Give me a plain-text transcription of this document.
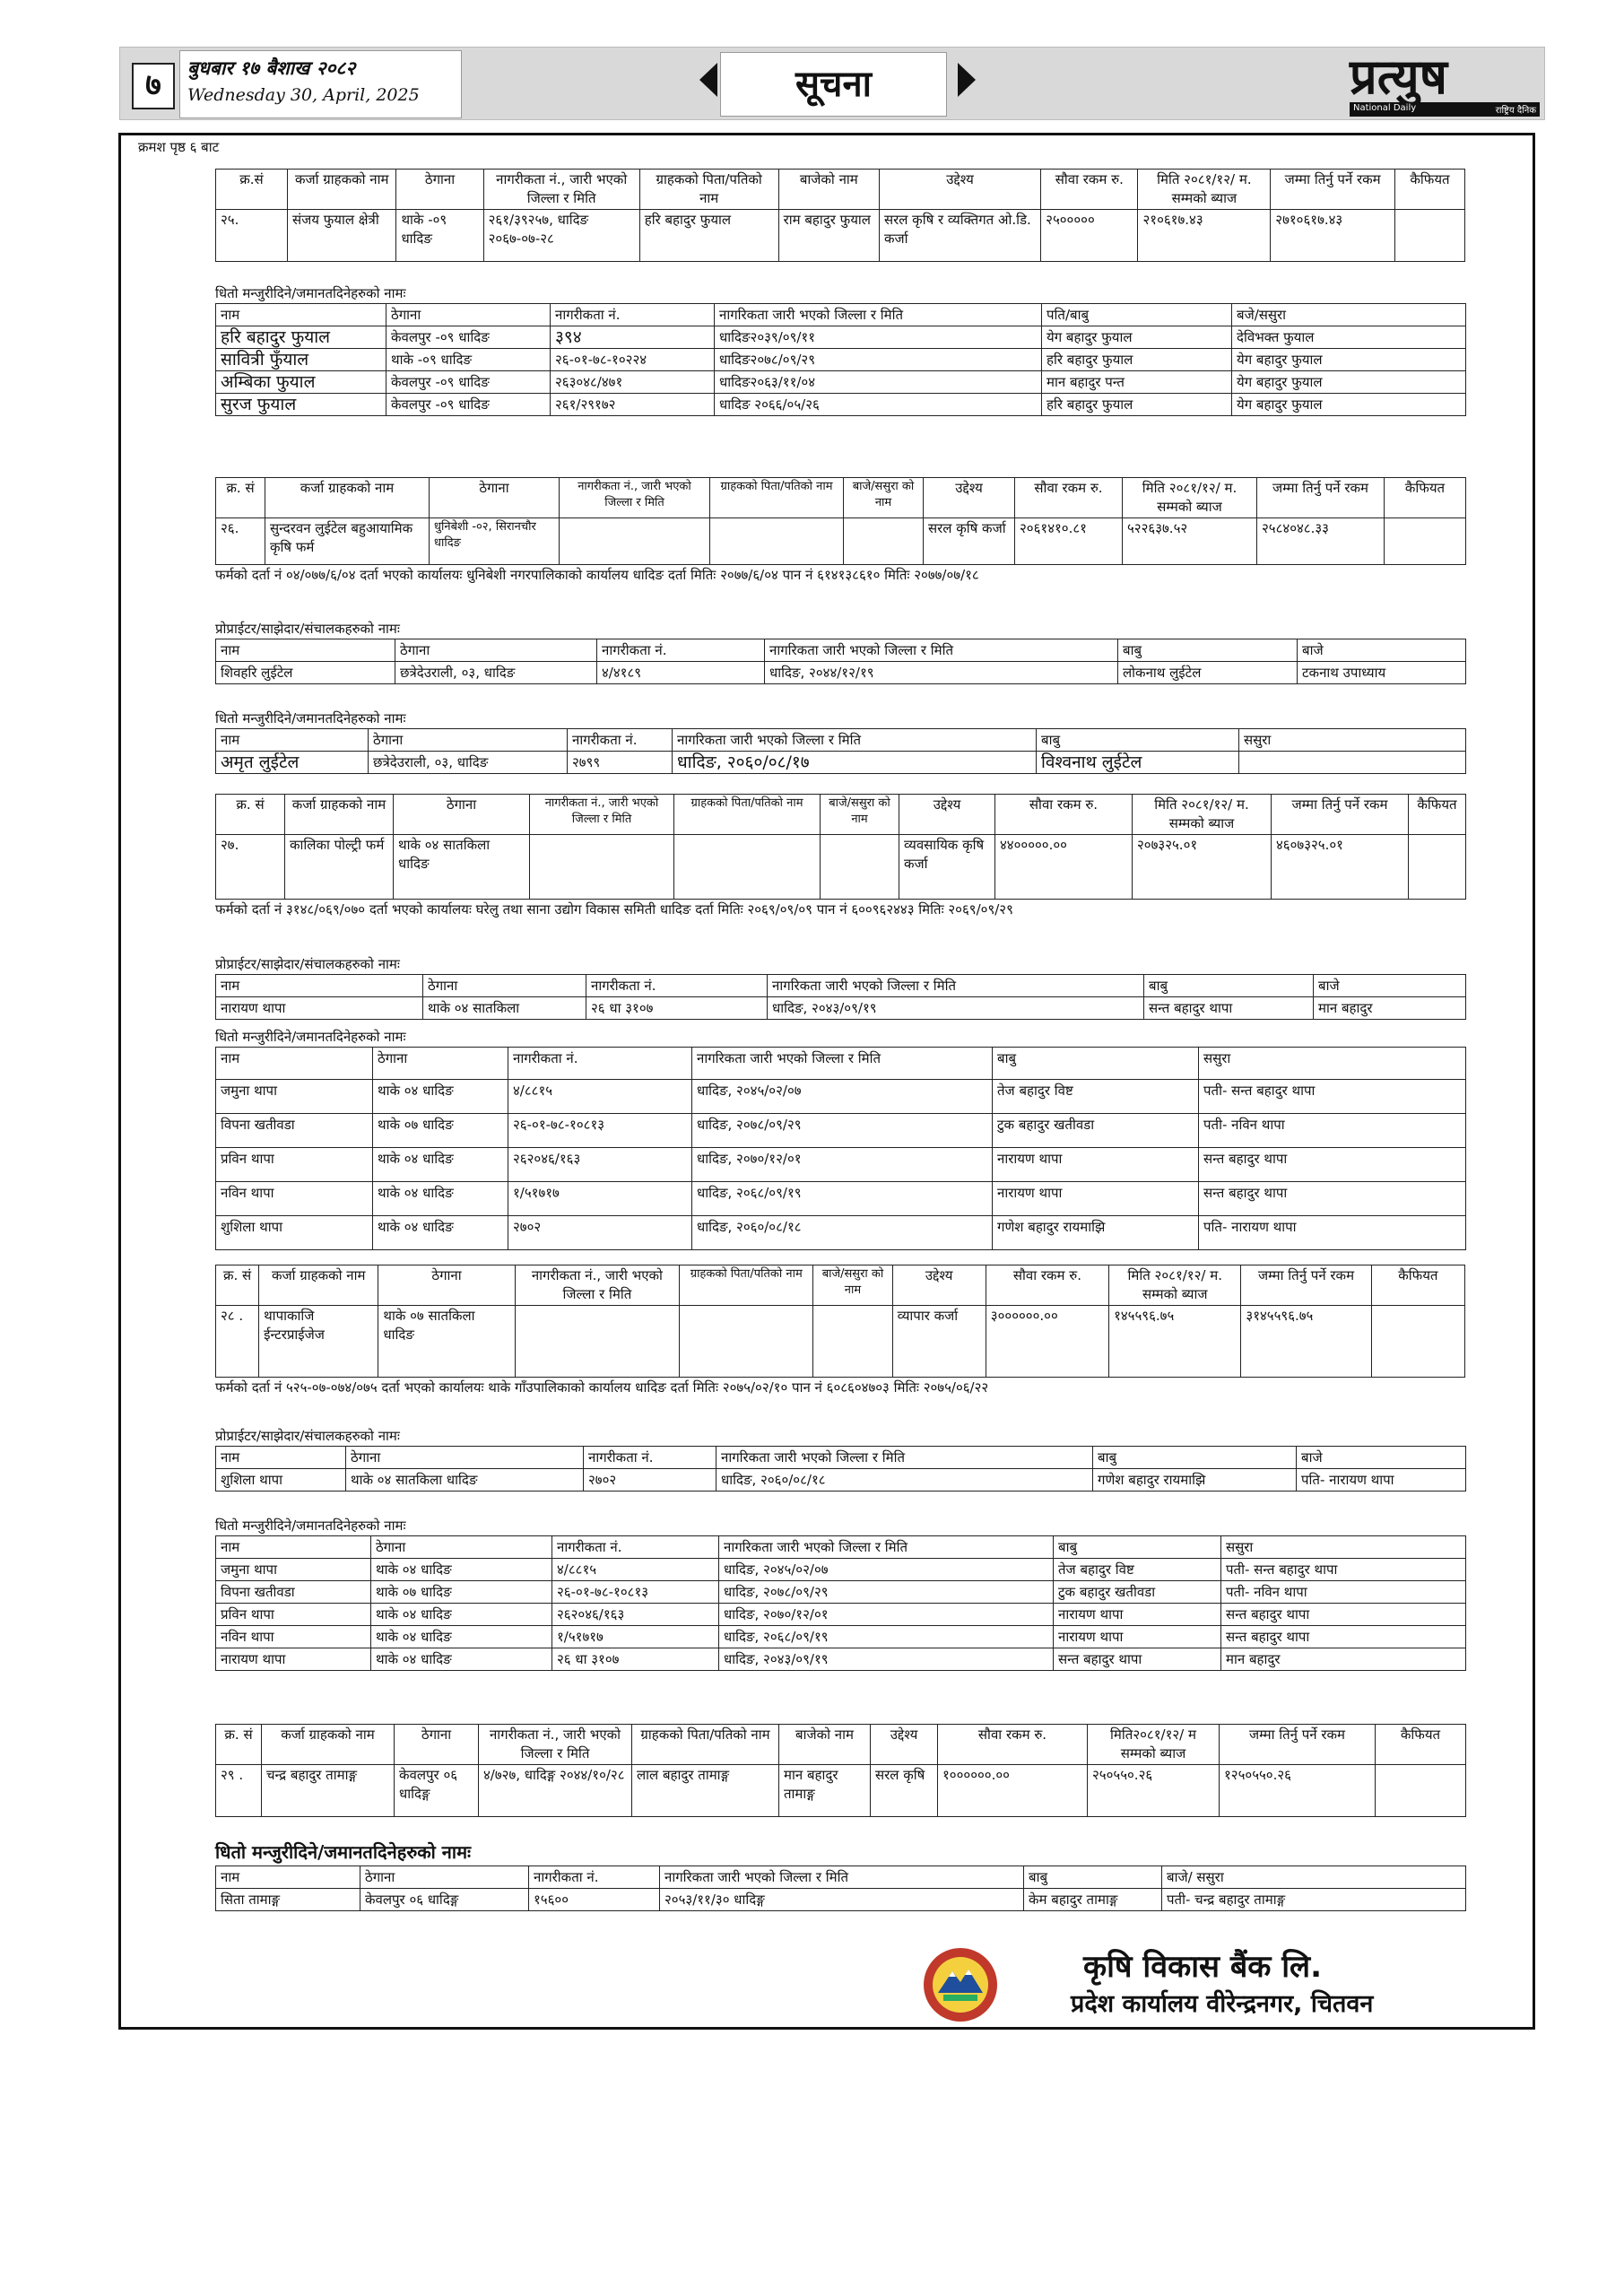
७	बुधबार १७ बैशाख २०८२
Wednesday 30, April, 2025	सूचना	प्रत्युष
National Daily	राष्ट्रिय दैनिक
क्रमश पृष्ठ ६ बाट
क्र.सं	कर्जा ग्राहकको नाम	ठेगाना	नागरीकता नं., जारी भएको जिल्ला र मिति	ग्राहकको पिता/पतिको नाम	बाजेको नाम	उद्देश्य	सौवा रकम रु.	मिति २०८१/१२/ म. सम्मको ब्याज	जम्मा तिर्नु पर्ने रकम	कैफियत
२५.	संजय फुयाल क्षेत्री	थाके -०९ धादिङ	२६१/३९२५७, धादिङ २०६७-०७-२८	हरि बहादुर फुयाल	राम बहादुर फुयाल	सरल कृषि र व्यक्तिगत ओ.डि. कर्जा	२५०००००	२१०६१७.४३	२७१०६१७.४३	
धितो मन्जुरीदिने/जमानतदिनेहरुको नामः
नाम	ठेगाना	नागरीकता नं.	नागरिकता जारी भएको जिल्ला र मिति	पति/बाबु	बजे/ससुरा
हरि बहादुर फुयाल	केवलपुर -०९ धादिङ	३९४	धादिङ२०३९/०९/११	येग बहादुर फुयाल	देविभक्त फुयाल
सावित्री फुँयाल	थाके -०९ धादिङ	२६-०१-७८-१०२२४	धादिङ२०७८/०९/२९	हरि बहादुर फुयाल	येग बहादुर फुयाल
अम्बिका फुयाल	केवलपुर -०९ धादिङ	२६३०४८/४७१	धादिङ२०६३/११/०४	मान बहादुर पन्त	येग बहादुर फुयाल
सुरज फुयाल	केवलपुर -०९ धादिङ	२६१/२९१७२	धादिङ २०६६/०५/२६	हरि बहादुर फुयाल	येग बहादुर फुयाल
क्र. सं	कर्जा ग्राहकको नाम	ठेगाना	नागरीकता नं., जारी भएको जिल्ला र मिति	ग्राहकको पिता/पतिको नाम	बाजे/ससुरा को नाम	उद्देश्य	सौवा रकम रु.	मिति २०८१/१२/ म. सम्मको ब्याज	जम्मा तिर्नु पर्ने रकम	कैफियत
२६.	सुन्दरवन लुईटेल बहुआयामिक कृषि फर्म	धुनिबेशी -०२, सिरानचौर धादिङ				सरल कृषि कर्जा	२०६१४१०.८१	५२२६३७.५२	२५८४०४८.३३	
फर्मको दर्ता नं ०४/०७७/६/०४ दर्ता भएको कार्यालयः धुनिबेशी नगरपालिकाको कार्यालय धादिङ दर्ता मितिः २०७७/६/०४ पान नं ६१४१३८६१० मितिः २०७७/०७/१८
प्रोप्राईटर/साझेदार/संचालकहरुको नामः
नाम	ठेगाना	नागरीकता नं.	नागरिकता जारी भएको जिल्ला र मिति	बाबु	बाजे
शिवहरि लुईटेल	छत्रेदेउराली, ०३, धादिङ	४/४१८९	धादिङ, २०४४/१२/१९	लोकनाथ लुईटेल	टकनाथ उपाध्याय
धितो मन्जुरीदिने/जमानतदिनेहरुको नामः
नाम	ठेगाना	नागरीकता नं.	नागरिकता जारी भएको जिल्ला र मिति	बाबु	ससुरा
अमृत लुईटेल	छत्रेदेउराली, ०३, धादिङ	२७९९	धादिङ, २०६०/०८/१७	विश्वनाथ लुईटेल	
क्र. सं	कर्जा ग्राहकको नाम	ठेगाना	नागरीकता नं., जारी भएको जिल्ला र मिति	ग्राहकको पिता/पतिको नाम	बाजे/ससुरा को नाम	उद्देश्य	सौवा रकम रु.	मिति २०८१/१२/ म. सम्मको ब्याज	जम्मा तिर्नु पर्ने रकम	कैफियत
२७.	कालिका पोल्ट्री फर्म	थाके ०४ सातकिला धादिङ				व्यवसायिक कृषि कर्जा	४४०००००.००	२०७३२५.०१	४६०७३२५.०१	
फर्मको दर्ता नं ३१४८/०६९/०७० दर्ता भएको कार्यालयः घरेलु तथा साना उद्योग विकास समिती धादिङ दर्ता मितिः २०६९/०९/०९ पान नं ६००९६२४४३ मितिः २०६९/०९/२९
प्रोप्राईटर/साझेदार/संचालकहरुको नामः
नाम	ठेगाना	नागरीकता नं.	नागरिकता जारी भएको जिल्ला र मिति	बाबु	बाजे
नारायण थापा	थाके ०४ सातकिला	२६ धा ३१०७	धादिङ, २०४३/०९/१९	सन्त बहादुर थापा	मान बहादुर
धितो मन्जुरीदिने/जमानतदिनेहरुको नामः
नाम	ठेगाना	नागरीकता नं.	नागरिकता जारी भएको जिल्ला र मिति	बाबु	ससुरा
जमुना थापा	थाके ०४ धादिङ	४/८८१५	धादिङ, २०४५/०२/०७	तेज बहादुर विष्ट	पती- सन्त बहादुर थापा
विपना खतीवडा	थाके ०७ धादिङ	२६-०१-७८-१०८१३	धादिङ, २०७८/०९/२९	टुक बहादुर खतीवडा	पती- नविन थापा
प्रविन थापा	थाके ०४ धादिङ	२६२०४६/१६३	धादिङ, २०७०/१२/०१	नारायण थापा	सन्त बहादुर थापा
नविन थापा	थाके ०४ धादिङ	१/५१७१७	धादिङ, २०६८/०९/१९	नारायण थापा	सन्त बहादुर थापा
शुशिला थापा	थाके ०४ धादिङ	२७०२	धादिङ, २०६०/०८/१८	गणेश बहादुर रायमाझि	पति- नारायण थापा
क्र. सं	कर्जा ग्राहकको नाम	ठेगाना	नागरीकता नं., जारी भएको जिल्ला र मिति	ग्राहकको पिता/पतिको नाम	बाजे/ससुरा को नाम	उद्देश्य	सौवा रकम रु.	मिति २०८१/१२/ म. सम्मको ब्याज	जम्मा तिर्नु पर्ने रकम	कैफियत
२८ .	थापाकाजि ईन्टरप्राईजेज	थाके ०७ सातकिला धादिङ				व्यापार कर्जा	३००००००.००	१४५५९६.७५	३१४५५९६.७५	
फर्मको दर्ता नं ५२५-०७-०७४/०७५ दर्ता भएको कार्यालयः थाके गाँउपालिकाको कार्यालय धादिङ दर्ता मितिः २०७५/०२/१० पान नं ६०८६०४७०३ मितिः २०७५/०६/२२
प्रोप्राईटर/साझेदार/संचालकहरुको नामः
नाम	ठेगाना	नागरीकता नं.	नागरिकता जारी भएको जिल्ला र मिति	बाबु	बाजे
शुशिला थापा	थाके ०४ सातकिला धादिङ	२७०२	धादिङ, २०६०/०८/१८	गणेश बहादुर रायमाझि	पति- नारायण थापा
धितो मन्जुरीदिने/जमानतदिनेहरुको नामः
नाम	ठेगाना	नागरीकता नं.	नागरिकता जारी भएको जिल्ला र मिति	बाबु	ससुरा
जमुना थापा	थाके ०४ धादिङ	४/८८१५	धादिङ, २०४५/०२/०७	तेज बहादुर विष्ट	पती- सन्त बहादुर थापा
विपना खतीवडा	थाके ०७ धादिङ	२६-०१-७८-१०८१३	धादिङ, २०७८/०९/२९	टुक बहादुर खतीवडा	पती- नविन थापा
प्रविन थापा	थाके ०४ धादिङ	२६२०४६/१६३	धादिङ, २०७०/१२/०१	नारायण थापा	सन्त बहादुर थापा
नविन थापा	थाके ०४ धादिङ	१/५१७१७	धादिङ, २०६८/०९/१९	नारायण थापा	सन्त बहादुर थापा
नारायण थापा	थाके ०४ धादिङ	२६ धा ३१०७	धादिङ, २०४३/०९/१९	सन्त बहादुर थापा	मान बहादुर
क्र. सं	कर्जा ग्राहकको नाम	ठेगाना	नागरीकता नं., जारी भएको जिल्ला र मिति	ग्राहकको पिता/पतिको नाम	बाजेको नाम	उद्देश्य	सौवा रकम रु.	मिति२०८१/१२/ म सम्मको ब्याज	जम्मा तिर्नु पर्ने रकम	कैफियत
२९ .	चन्द्र बहादुर तामाङ्ग	केवलपुर ०६ धादिङ्ग	४/७२७, धादिङ्ग २०४४/१०/२८	लाल बहादुर तामाङ्ग	मान बहादुर तामाङ्ग	सरल कृषि	१००००००.००	२५०५५०.२६	१२५०५५०.२६	
धितो मन्जुरीदिने/जमानतदिनेहरुको नामः
नाम	ठेगाना	नागरीकता नं.	नागरिकता जारी भएको जिल्ला र मिति	बाबु	बाजे/ ससुरा
सिता तामाङ्ग	केवलपुर ०६ धादिङ्ग	१५६००	२०५३/११/३० धादिङ्ग	केम बहादुर तामाङ्ग	पती- चन्द्र बहादुर तामाङ्ग
कृषि विकास बैंक लि.
प्रदेश कार्यालय वीरेन्द्रनगर, चितवन
